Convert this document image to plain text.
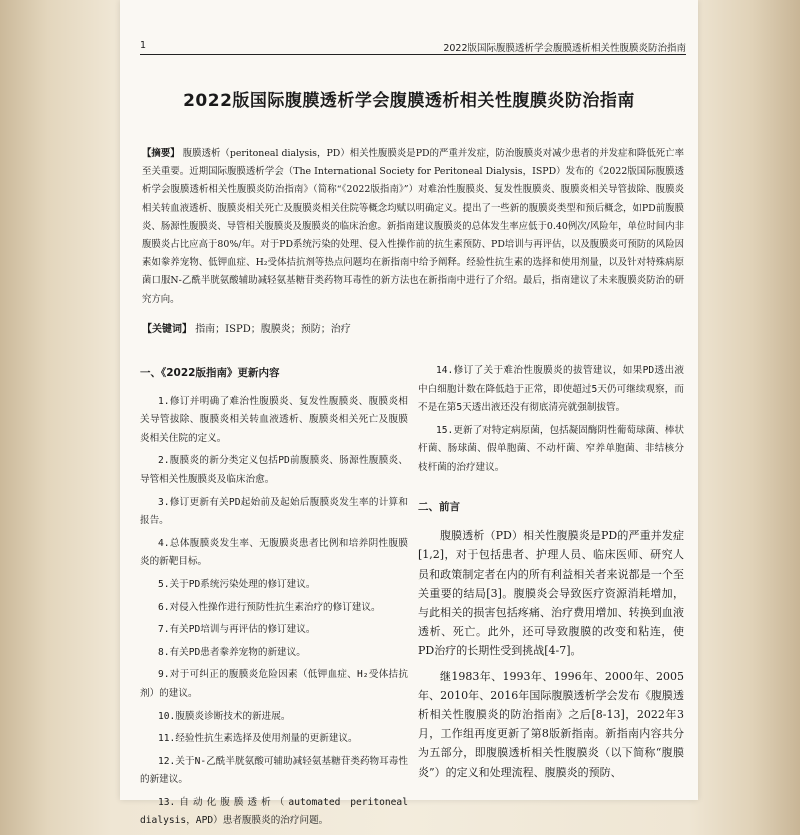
1	2022版国际腹膜透析学会腹膜透析相关性腹膜炎防治指南
2022版国际腹膜透析学会腹膜透析相关性腹膜炎防治指南
【摘要】 腹膜透析（peritoneal dialysis，PD）相关性腹膜炎是PD的严重并发症，防治腹膜炎对减少患者的并发症和降低死亡率至关重要。近期国际腹膜透析学会（The International Society for Peritoneal Dialysis，ISPD）发布的《2022版国际腹膜透析学会腹膜透析相关性腹膜炎防治指南》（简称“《2022版指南》”）对难治性腹膜炎、复发性腹膜炎、腹膜炎相关导管拔除、腹膜炎相关转血液透析、腹膜炎相关死亡及腹膜炎相关住院等概念均赋以明确定义。提出了一些新的腹膜炎类型和预后概念，如PD前腹膜炎、肠源性腹膜炎、导管相关腹膜炎及腹膜炎的临床治愈。新指南建议腹膜炎的总体发生率应低于0.40例次/风险年，单位时间内非腹膜炎占比应高于80%/年。对于PD系统污染的处理、侵入性操作前的抗生素预防、PD培训与再评估，以及腹膜炎可预防的风险因素如豢养宠物、低钾血症、H₂受体拮抗剂等热点问题均在新指南中给予阐释。经验性抗生素的选择和使用剂量，以及针对特殊病原菌口服N-乙酰半胱氨酸辅助减轻氨基糖苷类药物耳毒性的新方法也在新指南中进行了介绍。最后，指南建议了未来腹膜炎防治的研究方向。
【关键词】 指南；ISPD；腹膜炎；预防；治疗
一、《2022版指南》更新内容
1.修订并明确了难治性腹膜炎、复发性腹膜炎、腹膜炎相关导管拔除、腹膜炎相关转血液透析、腹膜炎相关死亡及腹膜炎相关住院的定义。
2.腹膜炎的新分类定义包括PD前腹膜炎、肠源性腹膜炎、导管相关性腹膜炎及临床治愈。
3.修订更新有关PD起始前及起始后腹膜炎发生率的计算和报告。
4.总体腹膜炎发生率、无腹膜炎患者比例和培养阴性腹膜炎的新靶目标。
5.关于PD系统污染处理的修订建议。
6.对侵入性操作进行预防性抗生素治疗的修订建议。
7.有关PD培训与再评估的修订建议。
8.有关PD患者豢养宠物的新建议。
9.对于可纠正的腹膜炎危险因素（低钾血症、H₂受体拮抗剂）的建议。
10.腹膜炎诊断技术的新进展。
11.经验性抗生素选择及使用剂量的更新建议。
12.关于N-乙酰半胱氨酸可辅助减轻氨基糖苷类药物耳毒性的新建议。
13.自动化腹膜透析（automated peritoneal dialysis，APD）患者腹膜炎的治疗问题。
14.修订了关于难治性腹膜炎的拔管建议，如果PD透出液中白细胞计数在降低趋于正常，即使超过5天仍可继续观察，而不是在第5天透出液还没有彻底清亮就强制拔管。
15.更新了对特定病原菌，包括凝固酶阴性葡萄球菌、棒状杆菌、肠球菌、假单胞菌、不动杆菌、窄养单胞菌、非结核分枝杆菌的治疗建议。
二、前言

腹膜透析（PD）相关性腹膜炎是PD的严重并发症[1,2]，对于包括患者、护理人员、临床医师、研究人员和政策制定者在内的所有利益相关者来说都是一个至关重要的结局[3]。腹膜炎会导致医疗资源消耗增加，与此相关的损害包括疼痛、治疗费用增加、转换到血液透析、死亡。此外，还可导致腹膜的改变和粘连，使PD治疗的长期性受到挑战[4-7]。

继1983年、1993年、1996年、2000年、2005年、2010年、2016年国际腹膜透析学会发布《腹膜透析相关性腹膜炎的防治指南》之后[8-13]，2022年3月，工作组再度更新了第8版新指南。新指南内容共分为五部分，即腹膜透析相关性腹膜炎（以下简称“腹膜炎”）的定义和处理流程、腹膜炎的预防、
